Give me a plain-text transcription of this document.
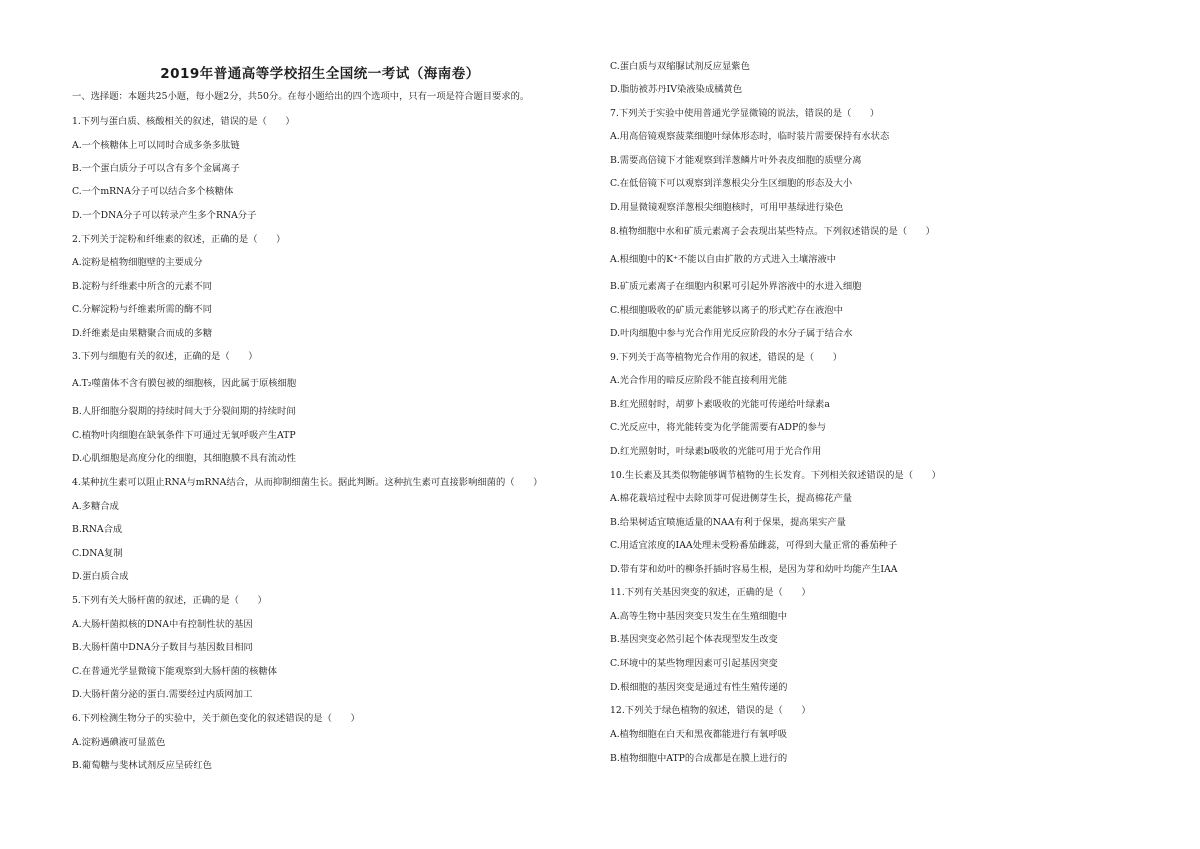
2019年普通高等学校招生全国统一考试（海南卷）
一、选择题：本题共25小题，每小题2分，共50分。在每小题给出的四个选项中，只有一项是符合题目要求的。
1.下列与蛋白质、核酸相关的叙述，错误的是（　　）
A.一个核糖体上可以同时合成多条多肽链
B.一个蛋白质分子可以含有多个金属离子
C.一个mRNA分子可以结合多个核糖体
D.一个DNA分子可以转录产生多个RNA分子
2.下列关于淀粉和纤维素的叙述，正确的是（　　）
A.淀粉是植物细胞壁的主要成分
B.淀粉与纤维素中所含的元素不同
C.分解淀粉与纤维素所需的酶不同
D.纤维素是由果糖聚合而成的多糖
3.下列与细胞有关的叙述，正确的是（　　）
A.T₂噬菌体不含有膜包被的细胞核，因此属于原核细胞
B.人肝细胞分裂期的持续时间大于分裂间期的持续时间
C.植物叶肉细胞在缺氧条件下可通过无氧呼吸产生ATP
D.心肌细胞是高度分化的细胞，其细胞膜不具有流动性
4.某种抗生素可以阻止RNA与mRNA结合，从而抑制细菌生长。据此判断。这种抗生素可直接影响细菌的（　　）
A.多糖合成
B.RNA合成
C.DNA复制
D.蛋白质合成
5.下列有关大肠杆菌的叙述，正确的是（　　）
A.大肠杆菌拟核的DNA中有控制性状的基因
B.大肠杆菌中DNA分子数目与基因数目相同
C.在普通光学显微镜下能观察到大肠杆菌的核糖体
D.大肠杆菌分泌的蛋白.需要经过内质网加工
6.下列检测生物分子的实验中，关于颜色变化的叙述错误的是（　　）
A.淀粉遇碘液可显蓝色
B.葡萄糖与斐林试剂反应呈砖红色
C.蛋白质与双缩脲试剂反应显紫色
D.脂肪被苏丹IV染液染成橘黄色
7.下列关于实验中使用普通光学显微镜的说法，错误的是（　　）
A.用高倍镜观察菠菜细胞叶绿体形态时，临时装片需要保持有水状态
B.需要高倍镜下才能观察到洋葱鳞片叶外表皮细胞的质壁分离
C.在低倍镜下可以观察到洋葱根尖分生区细胞的形态及大小
D.用显微镜观察洋葱根尖细胞核时，可用甲基绿进行染色
8.植物细胞中水和矿质元素离子会表现出某些特点。下列叙述错误的是（　　）
A.根细胞中的K⁺不能以自由扩散的方式进入土壤溶液中
B.矿质元素离子在细胞内积累可引起外界溶液中的水进入细胞
C.根细胞吸收的矿质元素能够以离子的形式贮存在液泡中
D.叶肉细胞中参与光合作用光反应阶段的水分子属于结合水
9.下列关于高等植物光合作用的叙述，错误的是（　　）
A.光合作用的暗反应阶段不能直接利用光能
B.红光照射时，胡萝卜素吸收的光能可传递给叶绿素a
C.光反应中，将光能转变为化学能需要有ADP的参与
D.红光照射时，叶绿素b吸收的光能可用于光合作用
10.生长素及其类似物能够调节植物的生长发育。下列相关叙述错误的是（　　）
A.棉花栽培过程中去除顶芽可促进侧芽生长，提高棉花产量
B.给果树适宜喷施适量的NAA有利于保果，提高果实产量
C.用适宜浓度的IAA处理未受粉番茄雌蕊，可得到大量正常的番茄种子
D.带有芽和幼叶的柳条扦插时容易生根，是因为芽和幼叶均能产生IAA
11.下列有关基因突变的叙述，正确的是（　　）
A.高等生物中基因突变只发生在生殖细胞中
B.基因突变必然引起个体表现型发生改变
C.环境中的某些物理因素可引起基因突变
D.根细胞的基因突变是通过有性生殖传递的
12.下列关于绿色植物的叙述，错误的是（　　）
A.植物细胞在白天和黑夜都能进行有氧呼吸
B.植物细胞中ATP的合成都是在膜上进行的
